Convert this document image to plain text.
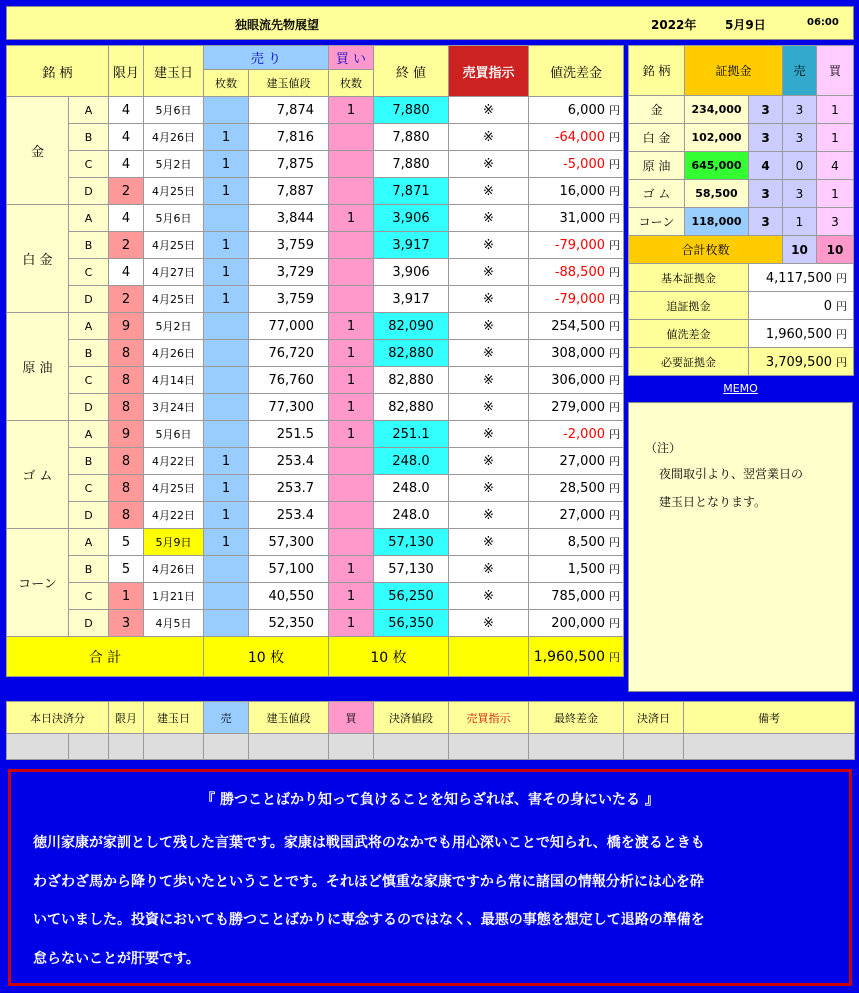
独眼流先物展望	2022年 5月9日	06:00
銘 柄		限月	建玉日	売 り		買 い	終 値	売買指示	値洗差金
				枚数	建玉値段	枚数			
金	A	4	5月6日		7,874	1	7,880	※	6,000 円
	B	4	4月26日	1	7,816		7,880	※	-64,000 円
	C	4	5月2日	1	7,875		7,880	※	-5,000 円
	D	2	4月25日	1	7,887		7,871	※	16,000 円
白 金	A	4	5月6日		3,844	1	3,906	※	31,000 円
	B	2	4月25日	1	3,759		3,917	※	-79,000 円
	C	4	4月27日	1	3,729		3,906	※	-88,500 円
	D	2	4月25日	1	3,759		3,917	※	-79,000 円
原 油	A	9	5月2日		77,000	1	82,090	※	254,500 円
	B	8	4月26日		76,720	1	82,880	※	308,000 円
	C	8	4月14日		76,760	1	82,880	※	306,000 円
	D	8	3月24日		77,300	1	82,880	※	279,000 円
ゴ ム	A	9	5月6日		251.5	1	251.1	※	-2,000 円
	B	8	4月22日	1	253.4		248.0	※	27,000 円
	C	8	4月25日	1	253.7		248.0	※	28,500 円
	D	8	4月22日	1	253.4		248.0	※	27,000 円
コーン	A	5	5月9日	1	57,300		57,130	※	8,500 円
	B	5	4月26日		57,100	1	57,130	※	1,500 円
	C	1	1月21日		40,550	1	56,250	※	785,000 円
	D	3	4月5日		52,350	1	56,350	※	200,000 円
合 計				10 枚		10 枚			1,960,500 円
銘 柄	証拠金		売	買
金	234,000	3	3	1
白 金	102,000	3	3	1
原 油	645,000	4	0	4
ゴ ム	58,500	3	3	1
コーン	118,000	3	1	3
合計枚数			10	10
基本証拠金		4,117,500 円		
追証拠金		0 円		
値洗差金		1,960,500 円		
必要証拠金		3,709,500 円		
MEMO
（注）
夜間取引より、翌営業日の
建玉日となります。
本日決済分		限月	建玉日	売	建玉値段	買	決済値段	売買指示	最終差金	決済日	備考

『 勝つことばかり知って負けることを知らざれば、害その身にいたる 』
徳川家康が家訓として残した言葉です。家康は戦国武将のなかでも用心深いことで知られ、橋を渡るときも
わざわざ馬から降りて歩いたということです。それほど慎重な家康ですから常に諸国の情報分析には心を砕
いていました。投資においても勝つことばかりに専念するのではなく、最悪の事態を想定して退路の準備を
怠らないことが肝要です。
